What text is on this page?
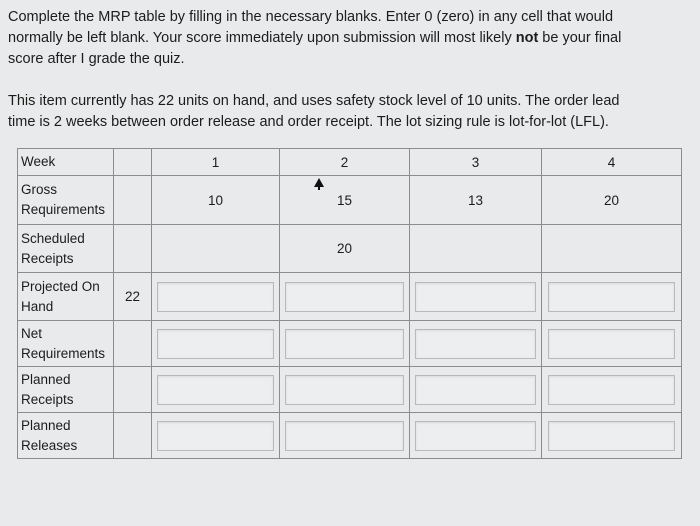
Complete the MRP table by filling in the necessary blanks. Enter 0 (zero) in any cell that would
normally be left blank. Your score immediately upon submission will most likely not be your final
score after I grade the quiz.

This item currently has 22 units on hand, and uses safety stock level of 10 units. The order lead
time is 2 weeks between order release and order receipt. The lot sizing rule is lot-for-lot (LFL).

Week		1	2	3	4
Gross
Requirements		10	15	13	20
Scheduled
Receipts			20		
Projected On
Hand	22	

Net
Requirements		

Planned
Receipts		

Planned
Releases		
